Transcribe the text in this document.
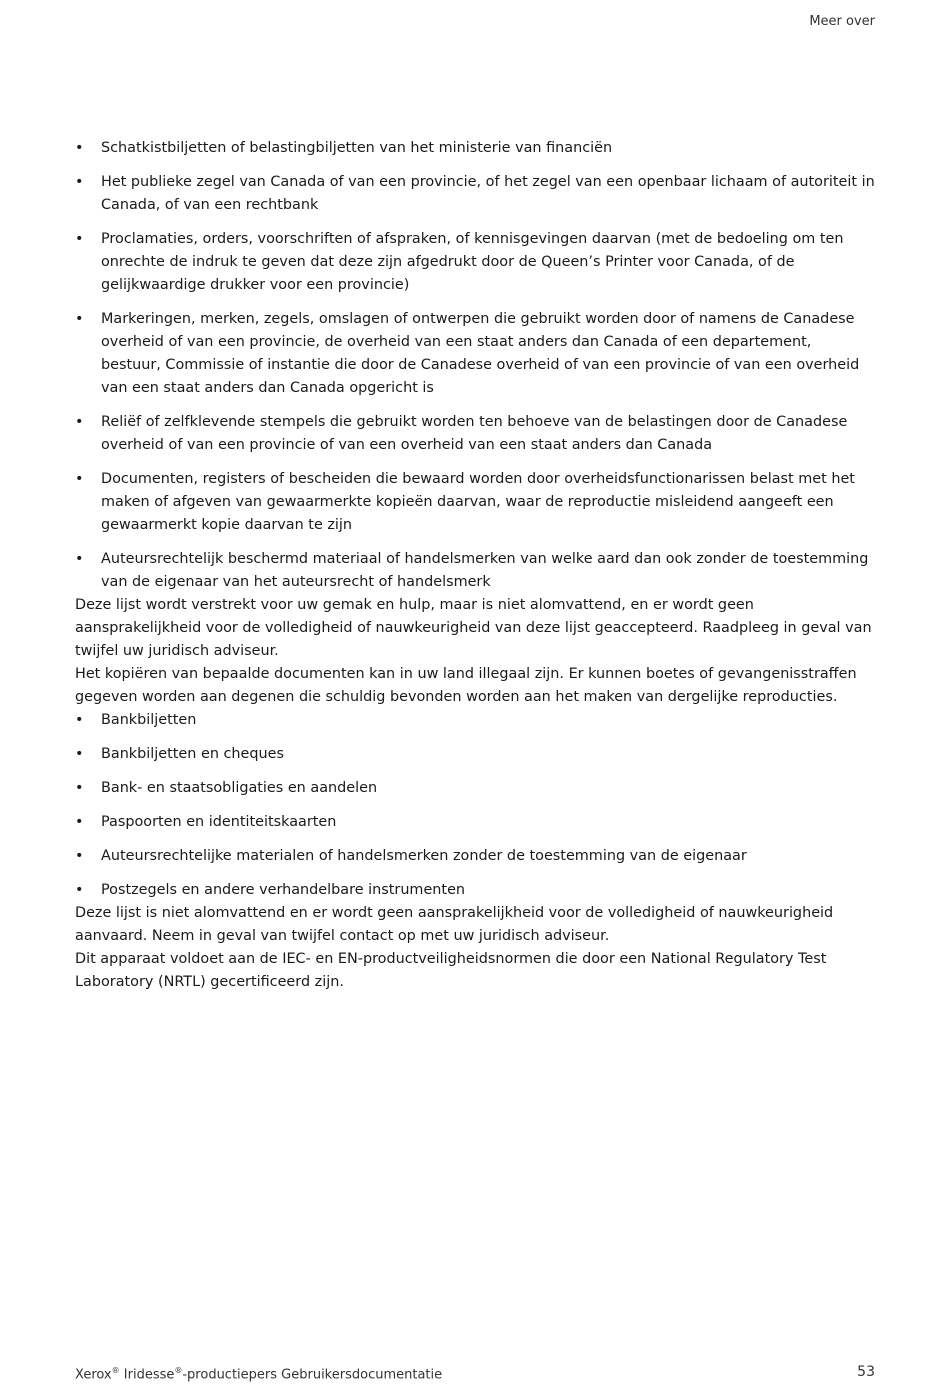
Meer over
• Schatkistbiljetten of belastingbiljetten van het ministerie van financiën
• Het publieke zegel van Canada of van een provincie, of het zegel van een openbaar lichaam of autoriteit in Canada, of van een rechtbank
• Proclamaties, orders, voorschriften of afspraken, of kennisgevingen daarvan (met de bedoeling om ten onrechte de indruk te geven dat deze zijn afgedrukt door de Queen’s Printer voor Canada, of de gelijkwaardige drukker voor een provincie)
• Markeringen, merken, zegels, omslagen of ontwerpen die gebruikt worden door of namens de Canadese overheid of van een provincie, de overheid van een staat anders dan Canada of een departement, bestuur, Commissie of instantie die door de Canadese overheid of van een provincie of van een overheid van een staat anders dan Canada opgericht is
• Reliëf of zelfklevende stempels die gebruikt worden ten behoeve van de belastingen door de Canadese overheid of van een provincie of van een overheid van een staat anders dan Canada
• Documenten, registers of bescheiden die bewaard worden door overheidsfunctionarissen belast met het maken of afgeven van gewaarmerkte kopieën daarvan, waar de reproductie misleidend aangeeft een gewaarmerkt kopie daarvan te zijn
• Auteursrechtelijk beschermd materiaal of handelsmerken van welke aard dan ook zonder de toestemming van de eigenaar van het auteursrecht of handelsmerk

Deze lijst wordt verstrekt voor uw gemak en hulp, maar is niet alomvattend, en er wordt geen aansprakelijkheid voor de volledigheid of nauwkeurigheid van deze lijst geaccepteerd. Raadpleeg in geval van twijfel uw juridisch adviseur.

Het kopiëren van bepaalde documenten kan in uw land illegaal zijn. Er kunnen boetes of gevangenisstraffen gegeven worden aan degenen die schuldig bevonden worden aan het maken van dergelijke reproducties.

• Bankbiljetten
• Bankbiljetten en cheques
• Bank- en staatsobligaties en aandelen
• Paspoorten en identiteitskaarten
• Auteursrechtelijke materialen of handelsmerken zonder de toestemming van de eigenaar
• Postzegels en andere verhandelbare instrumenten

Deze lijst is niet alomvattend en er wordt geen aansprakelijkheid voor de volledigheid of nauwkeurigheid aanvaard. Neem in geval van twijfel contact op met uw juridisch adviseur.

Dit apparaat voldoet aan de IEC- en EN-productveiligheidsnormen die door een National Regulatory Test Laboratory (NRTL) gecertificeerd zijn.

Xerox® Iridesse®-productiepers Gebruikersdocumentatie	53
